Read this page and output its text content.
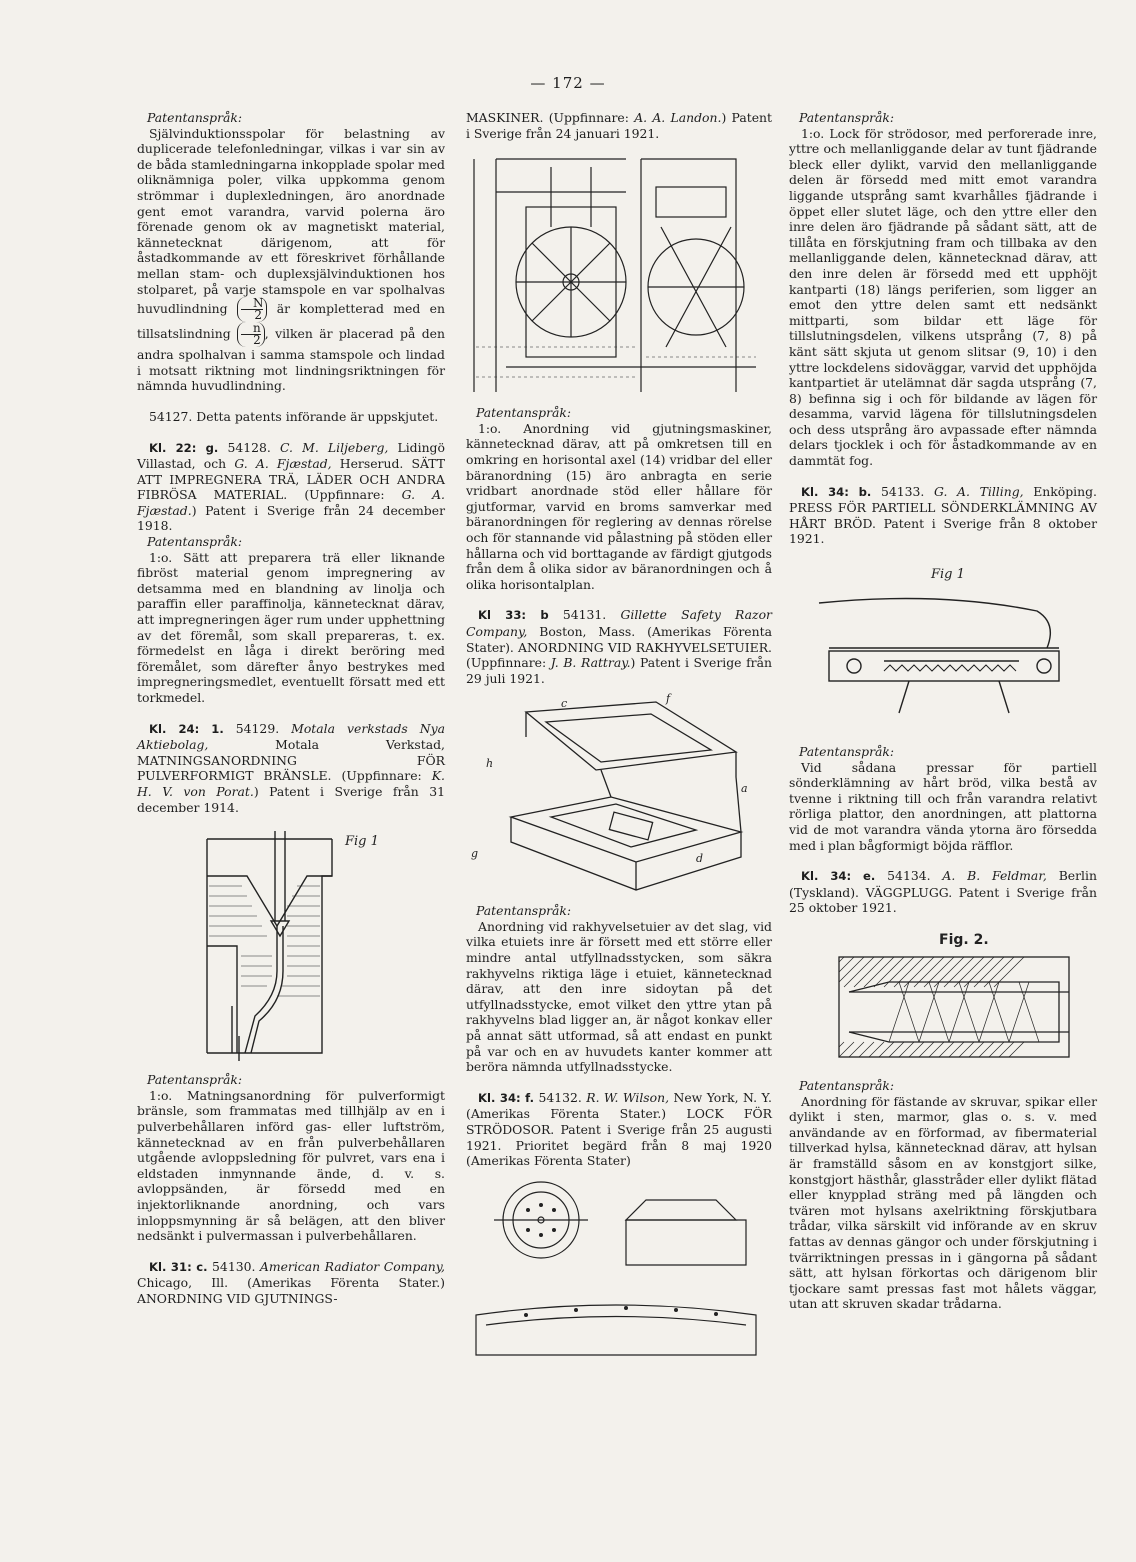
— 172 —

Patentanspråk:

Självinduktionsspolar för belastning av duplicerade telefonledningar, vilkas i var sin av de båda stamledningarna inkopplade spolar med oliknämniga poler, vilka uppkomma genom strömmar i duplexledningen, äro anordnade gent emot varandra, varvid polerna äro förenade genom ok av magnetiskt material, kännetecknat därigenom, att för åstadkommande av ett föreskrivet förhållande mellan stam- och duplexsjälvinduktionen hos stolparet, på varje stamspole en var spolhalvas huvudlindning $\frac{N}{2}$ är kompletterad med en tillsatslindning $\frac{n}{2}$ , vilken är placerad på den andra spolhalvan i samma stamspole och lindad i motsatt riktning mot lindningsriktningen för nämnda huvudlindning.

54127. Detta patents införande är uppskjutet.

Kl. 22: g. 54128. C. M. Liljeberg, Lidingö Villastad, och G. A. Fjæstad, Herserud. SÄTT ATT IMPREGNERA TRÄ, LÄDER OCH ANDRA FIBRÖSA MATERIAL. (Uppfinnare: G. A. Fjæstad.) Patent i Sverige från 24 december 1918.

Patentanspråk:

1:o. Sätt att preparera trä eller liknande fibröst material genom impregnering av detsamma med en blandning av linolja och paraffin eller paraffinolja, kännetecknat därav, att impregneringen äger rum under upphettning av det föremål, som skall prepareras, t. ex. förmedelst en låga i direkt beröring med föremålet, som därefter ånyo bestrykes med impregneringsmedlet, eventuellt försatt med ett torkmedel.

Kl. 24: 1. 54129. Motala verkstads Nya Aktiebolag,	Motala Verkstad, MATNINGSANORDNING FÖR PULVERFORMIGT BRÄNSLE. (Uppfinnare: K. H. V. von Porat.) Patent i Sverige från 31 december 1914.

Fig 1

Patentanspråk:

1:o. Matningsanordning för pulverformigt bränsle, som frammatas med tillhjälp av en i pulverbehållaren införd gas- eller luftström, kännetecknad av en från pulverbehållaren utgående avloppsledning för pulvret, vars ena i eldstaden inmynnande ände, d. v. s. avloppsänden, är försedd med en injektorliknande anordning, och vars inloppsmynning är så belägen, att den bliver nedsänkt i pulvermassan i pulverbehållaren.

Kl. 31: c. 54130. American Radiator Company, Chicago, Ill. (Amerikas Förenta Stater.) ANORDNING VID GJUTNINGS-

MASKINER. (Uppfinnare: A. A. Landon.) Patent i Sverige från 24 januari 1921.

Patentanspråk:

1:o. Anordning vid gjutningsmaskiner, kännetecknad därav, att på omkretsen till en omkring en horisontal axel (14) vridbar del eller bäranordning (15) äro anbragta en serie vridbart anordnade stöd eller hållare för gjutformar, varvid en broms samverkar med bäranordningen för reglering av dennas rörelse och för stannande vid pålastning på stöden eller hållarna och vid borttagande av färdigt gjutgods från dem å olika sidor av bäranordningen och å olika horisontalplan.

Kl 33: b 54131. Gillette Safety Razor Company, Boston, Mass. (Amerikas Förenta Stater). ANORDNING VID RAKHYVELSETUIER. (Uppfinnare: J. B. Rattray.) Patent i Sverige från 29 juli 1921.

c	f
h
g	d
a

Patentanspråk:

Anordning vid rakhyvelsetuier av det slag, vid vilka etuiets inre är försett med ett större eller mindre antal utfyllnadsstycken, som säkra rakhyvelns riktiga läge i etuiet, kännetecknad därav, att den inre sidoytan på det utfyllnadsstycke, emot vilket den yttre ytan på rakhyvelns blad ligger an, är något konkav eller på annat sätt utformad, så att endast en punkt på var och en av huvudets kanter kommer att beröra nämnda utfyllnadsstycke.

Kl. 34: f. 54132. R. W. Wilson, New York, N. Y. (Amerikas Förenta Stater.) LOCK FÖR STRÖDOSOR. Patent i Sverige från 25 augusti 1921. Prioritet begärd från 8 maj 1920 (Amerikas Förenta Stater)

Patentanspråk:

1:o. Lock för strödosor, med perforerade inre, yttre och mellanliggande delar av tunt fjädrande bleck eller dylikt, varvid den mellanliggande delen är försedd med mitt emot varandra liggande utsprång samt kvarhålles fjädrande i öppet eller slutet läge, och den yttre eller den inre delen äro fjädrande på sådant sätt, att de tillåta en förskjutning fram och tillbaka av den mellanliggande delen, kännetecknad därav, att den inre delen är försedd med ett upphöjt kantparti (18) längs periferien, som ligger an emot den yttre delen samt ett nedsänkt mittparti, som bildar ett läge för tillslutningsdelen, vilkens utsprång (7, 8) på känt sätt skjuta ut genom slitsar (9, 10) i den yttre lockdelens sidoväggar, varvid det upphöjda kantpartiet är utelämnat där sagda utsprång (7, 8) befinna sig i och för bildande av lägen för desamma, varvid lägena för tillslutningsdelen och dess utsprång äro avpassade efter nämnda delars tjocklek i och för åstadkommande av en dammtät fog.

Kl. 34: b. 54133. G. A. Tilling, Enköping. PRESS FÖR PARTIELL SÖNDERKLÄMNING AV HÅRT BRÖD. Patent i Sverige från 8 oktober 1921.

Fig 1

Patentanspråk:

Vid sådana pressar för partiell sönderklämning av hårt bröd, vilka bestå av tvenne i riktning till och från varandra relativt rörliga plattor, den anordningen, att plattorna vid de mot varandra vända ytorna äro försedda med i plan bågformigt böjda räfflor.

Kl. 34: e. 54134. A. B. Feldmar, Berlin (Tyskland). VÄGGPLUGG. Patent i Sverige från 25 oktober 1921.

Fig. 2.

Patentanspråk:

Anordning för fästande av skruvar, spikar eller dylikt i sten, marmor, glas o. s. v. med användande av en förformad, av fibermaterial tillverkad hylsa, kännetecknad därav, att hylsan är framställd såsom en av konstgjort silke, konstgjort hästhår, glasstråder eller dylikt flätad eller knypplad sträng med på längden och tvären mot hylsans axelriktning förskjutbara trådar, vilka särskilt vid införande av en skruv fattas av dennas gängor och under förskjutning i tvärriktningen pressas in i gängorna på sådant sätt, att hylsan förkortas och därigenom blir tjockare samt pressas fast mot hålets väggar, utan att skruven skadar trådarna.
